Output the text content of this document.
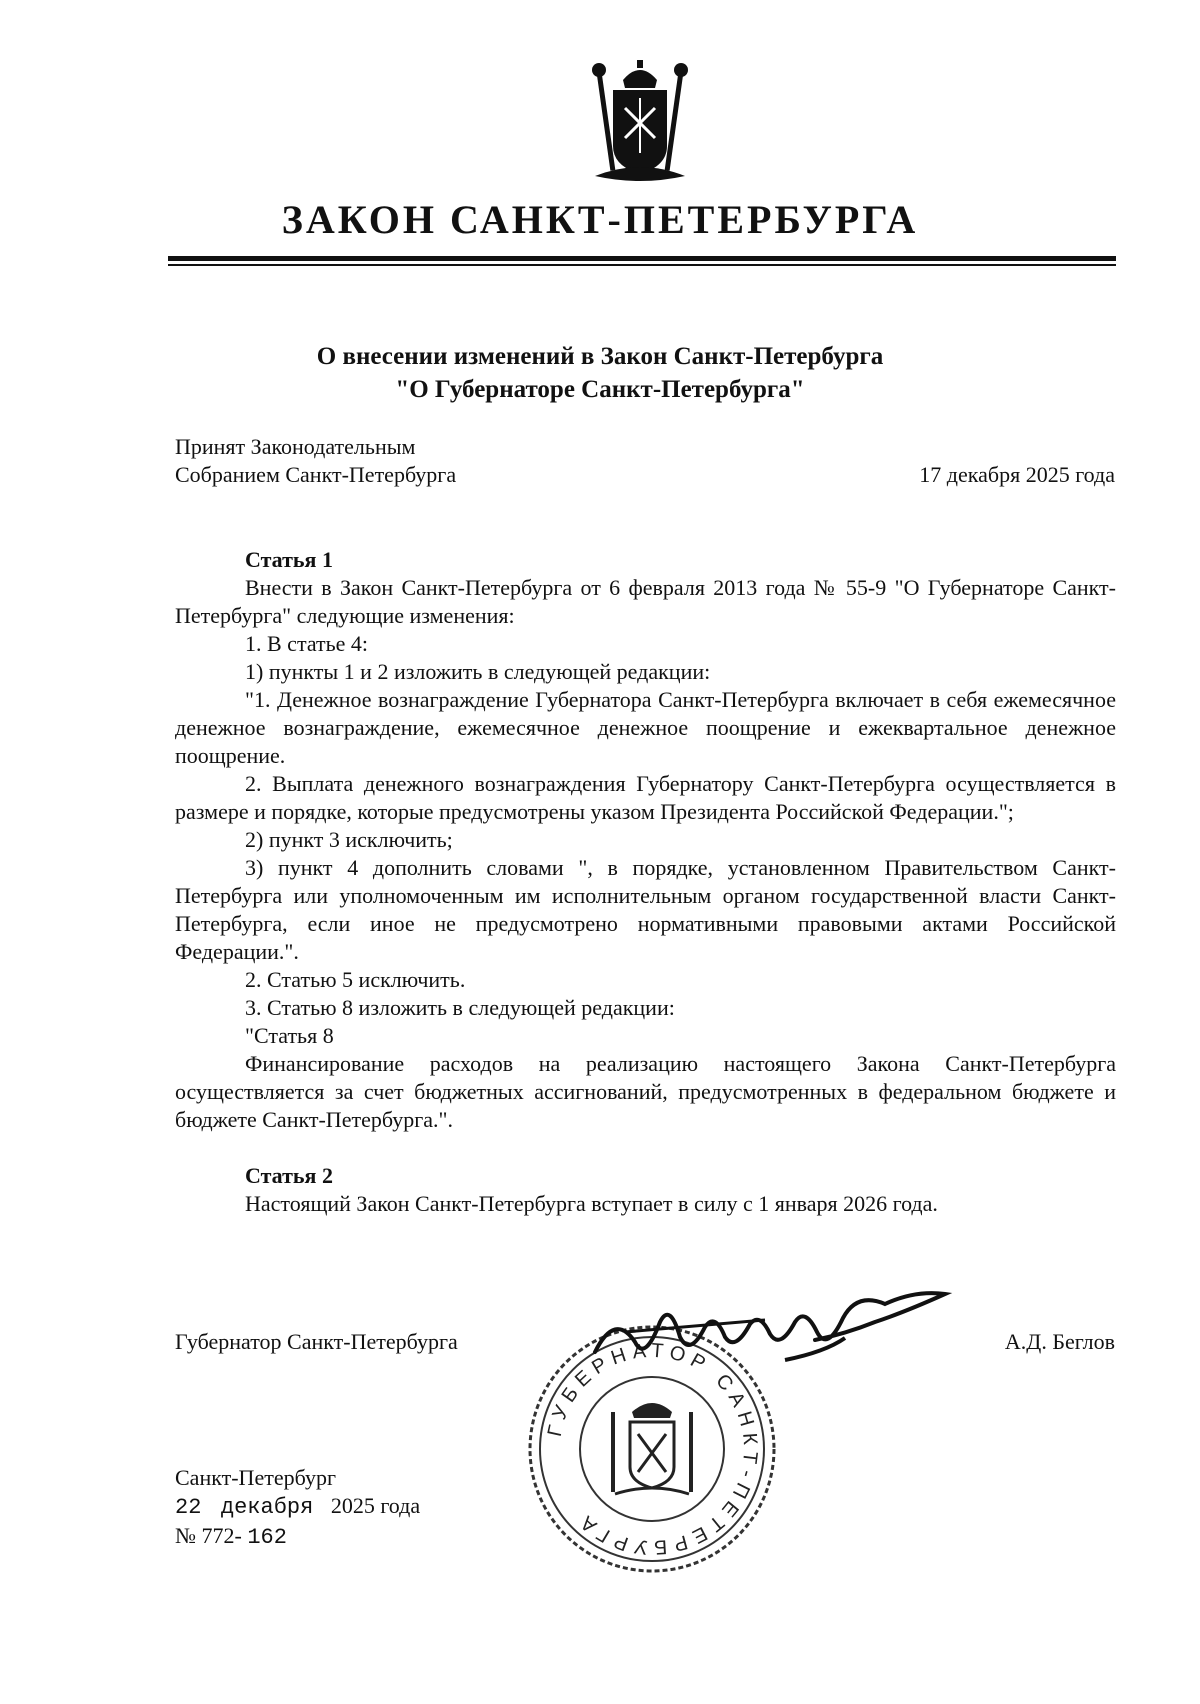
ЗАКОН САНКТ-ПЕТЕРБУРГА
О внесении изменений в Закон Санкт-Петербурга
"О Губернаторе Санкт-Петербурга"
Принят Законодательным
Собранием Санкт-Петербурга	17 декабря 2025 года
Статья 1

Внести в Закон Санкт-Петербурга от 6 февраля 2013 года № 55-9 "О Губернаторе Санкт-Петербурга" следующие изменения:

1. В статье 4:

1) пункты 1 и 2 изложить в следующей редакции:

"1. Денежное вознаграждение Губернатора Санкт-Петербурга включает в себя ежемесячное денежное вознаграждение, ежемесячное денежное поощрение и ежеквартальное денежное поощрение.

2. Выплата денежного вознаграждения Губернатору Санкт-Петербурга осуществляется в размере и порядке, которые предусмотрены указом Президента Российской Федерации.";

2) пункт 3 исключить;

3) пункт 4 дополнить словами ", в порядке, установленном Правительством Санкт-Петербурга или уполномоченным им исполнительным органом государственной власти Санкт-Петербурга, если иное не предусмотрено нормативными правовыми актами Российской Федерации.".

2. Статью 5 исключить.

3. Статью 8 изложить в следующей редакции:

"Статья 8

Финансирование расходов на реализацию настоящего Закона Санкт-Петербурга осуществляется за счет бюджетных ассигнований, предусмотренных в федеральном бюджете и бюджете Санкт-Петербурга.".

Статья 2

Настоящий Закон Санкт-Петербурга вступает в силу с 1 января 2026 года.

ГУБЕРНАТОР САНКТ-ПЕТЕРБУРГА
Губернатор Санкт-Петербурга	А.Д. Беглов
Санкт-Петербург
22 декабря 2025 года
№ 772- 162
